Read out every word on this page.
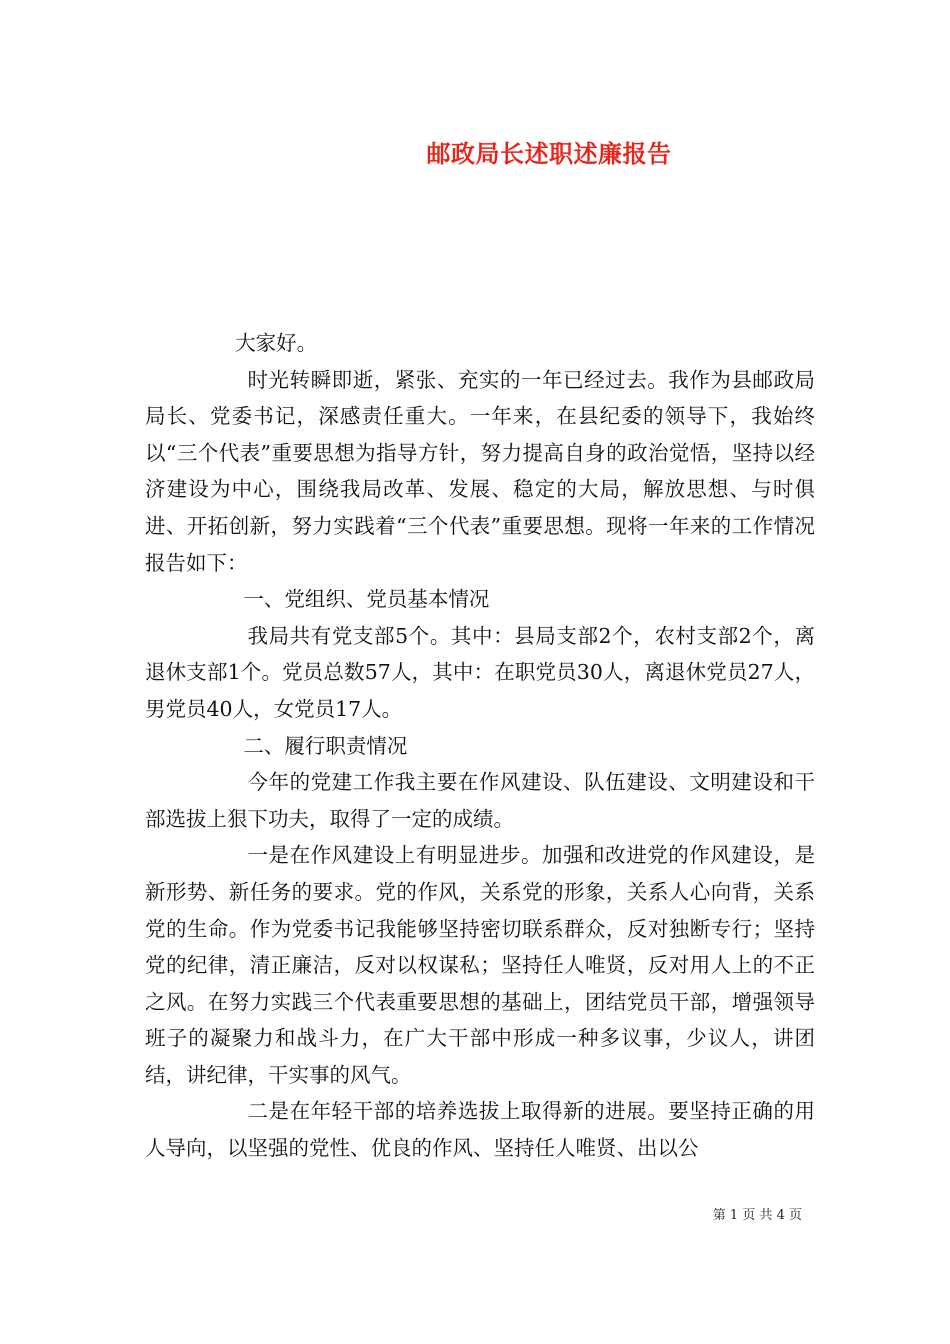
邮政局长述职述廉报告

大家好。

时光转瞬即逝，紧张、充实的一年已经过去。我作为县邮政局局长、党委书记，深感责任重大。一年来，在县纪委的领导下，我始终以“三个代表”重要思想为指导方针，努力提高自身的政治觉悟，坚持以经济建设为中心，围绕我局改革、发展、稳定的大局，解放思想、与时俱进、开拓创新，努力实践着“三个代表”重要思想。现将一年来的工作情况报告如下：

一、党组织、党员基本情况

我局共有党支部5个。其中：县局支部2个，农村支部2个，离退休支部1个。党员总数57人，其中：在职党员30人，离退休党员27人，男党员40人，女党员17人。

二、履行职责情况

今年的党建工作我主要在作风建设、队伍建设、文明建设和干部选拔上狠下功夫，取得了一定的成绩。

一是在作风建设上有明显进步。加强和改进党的作风建设，是新形势、新任务的要求。党的作风，关系党的形象，关系人心向背，关系党的生命。作为党委书记我能够坚持密切联系群众，反对独断专行；坚持党的纪律，清正廉洁，反对以权谋私；坚持任人唯贤，反对用人上的不正之风。在努力实践三个代表重要思想的基础上，团结党员干部，增强领导班子的凝聚力和战斗力，在广大干部中形成一种多议事，少议人，讲团结，讲纪律，干实事的风气。

二是在年轻干部的培养选拔上取得新的进展。要坚持正确的用人导向，以坚强的党性、优良的作风、坚持任人唯贤、出以公

第 1 页 共 4 页
